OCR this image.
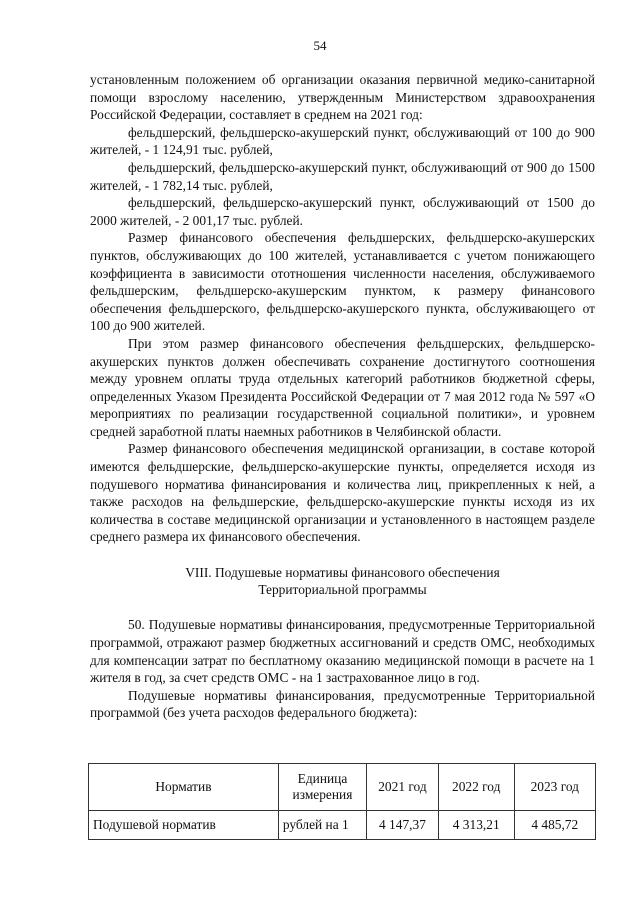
54

установленным положением об организации оказания первичной медико-санитарной помощи взрослому населению, утвержденным Министерством здравоохранения Российской Федерации, составляет в среднем на 2021 год:

фельдшерский, фельдшерско-акушерский пункт, обслуживающий от 100 до 900 жителей, - 1 124,91 тыс. рублей,

фельдшерский, фельдшерско-акушерский пункт, обслуживающий от 900 до 1500 жителей, - 1 782,14 тыс. рублей,

фельдшерский, фельдшерско-акушерский пункт, обслуживающий от 1500 до 2000 жителей, - 2 001,17 тыс. рублей.

Размер финансового обеспечения фельдшерских, фельдшерско-акушерских пунктов, обслуживающих до 100 жителей, устанавливается с учетом понижающего коэффициента в зависимости ототношения численности населения, обслуживаемого фельдшерским, фельдшерско-акушерским пунктом, к размеру финансового обеспечения фельдшерского, фельдшерско-акушерского пункта, обслуживающего от 100 до 900 жителей.

При этом размер финансового обеспечения фельдшерских, фельдшерско-акушерских пунктов должен обеспечивать сохранение достигнутого соотношения между уровнем оплаты труда отдельных категорий работников бюджетной сферы, определенных Указом Президента Российской Федерации от 7 мая 2012 года № 597 «О мероприятиях по реализации государственной социальной политики», и уровнем средней заработной платы наемных работников в Челябинской области.

Размер финансового обеспечения медицинской организации, в составе которой имеются фельдшерские, фельдшерско-акушерские пункты, определяется исходя из подушевого норматива финансирования и количества лиц, прикрепленных к ней, а также расходов на фельдшерские, фельдшерско-акушерские пункты исходя из их количества в составе медицинской организации и установленного в настоящем разделе среднего размера их финансового обеспечения.

VIII. Подушевые нормативы финансового обеспечения

Территориальной программы

50. Подушевые нормативы финансирования, предусмотренные Территориальной программой, отражают размер бюджетных ассигнований и средств ОМС, необходимых для компенсации затрат по бесплатному оказанию медицинской помощи в расчете на 1 жителя в год, за счет средств ОМС - на 1 застрахованное лицо в год.

Подушевые нормативы финансирования, предусмотренные Территориальной программой (без учета расходов федерального бюджета):

Норматив	Единица измерения	2021 год	2022 год	2023 год
Подушевой норматив	рублей на 1	4 147,37	4 313,21	4 485,72
